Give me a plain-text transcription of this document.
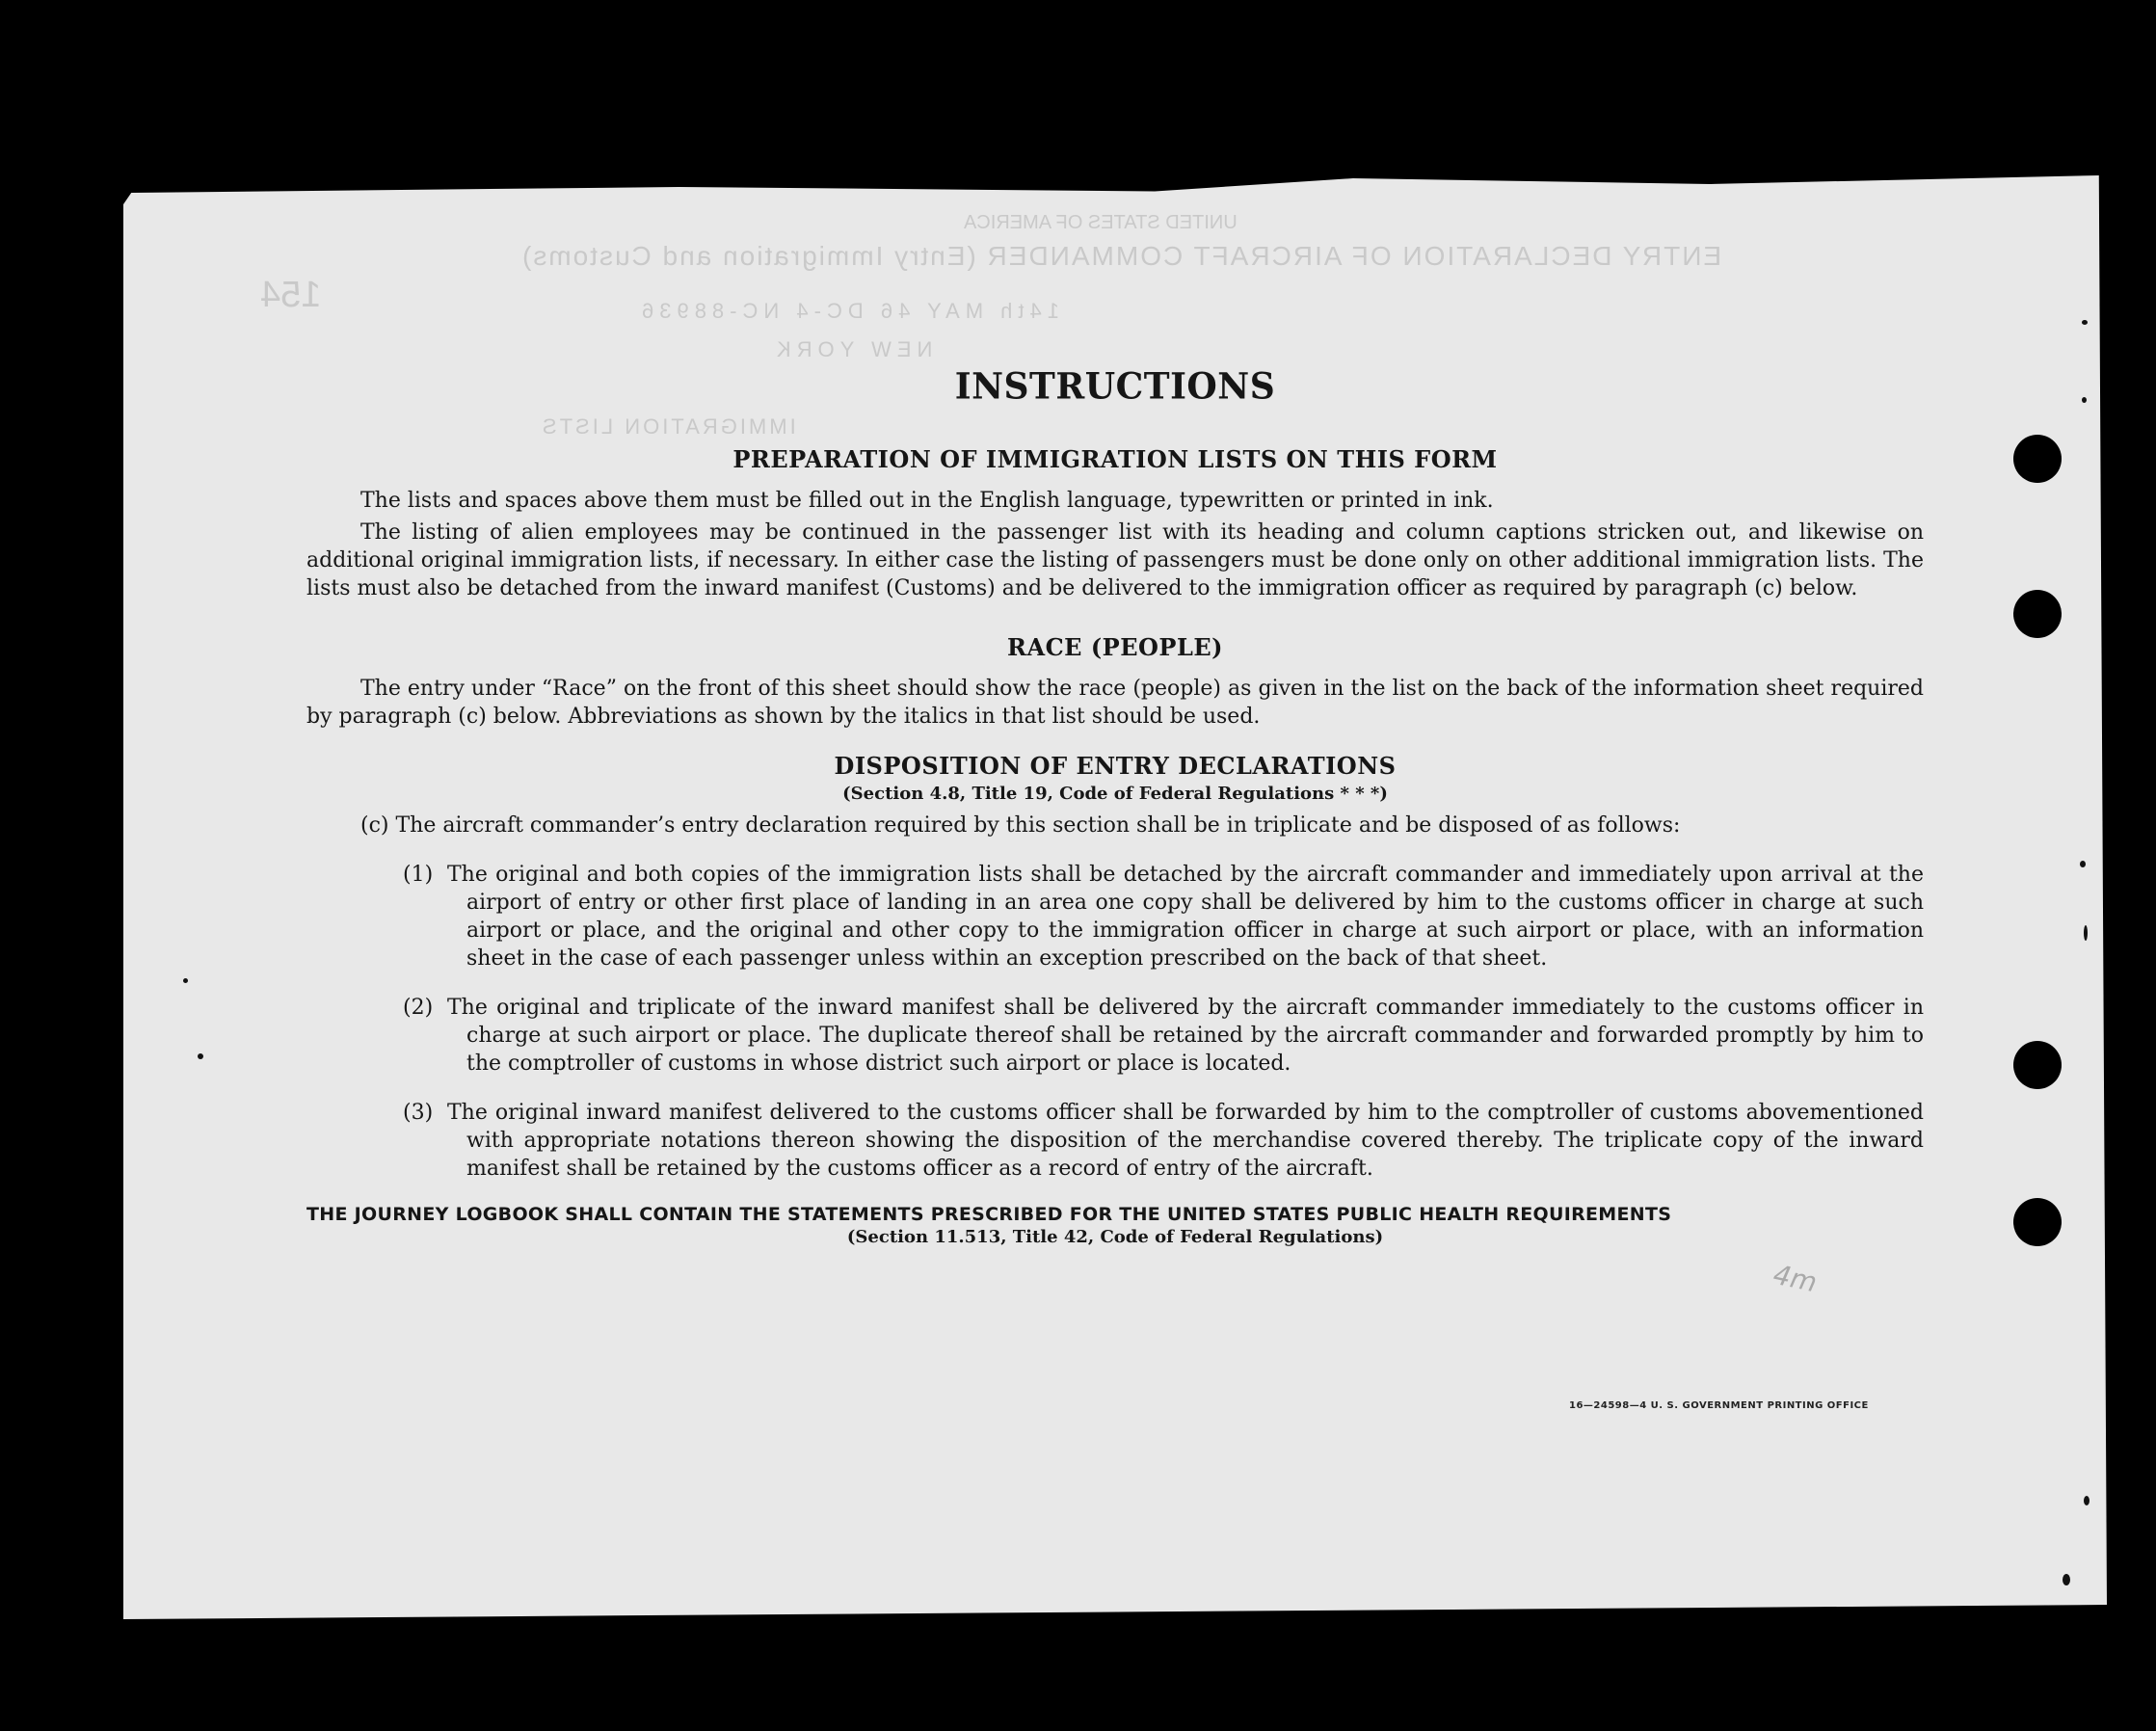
UNITED STATES OF AMERICA
ENTRY DECLARATION OF AIRCRAFT COMMANDER (Entry Immigration and Customs)
154	14th MAY 46 DC-4 NC-88936
NEW YORK
IMMIGRATION LISTS
4m
INSTRUCTIONS
PREPARATION OF IMMIGRATION LISTS ON THIS FORM

The lists and spaces above them must be filled out in the English language, typewritten or printed in ink.

The listing of alien employees may be continued in the passenger list with its heading and column captions stricken out, and likewise on additional original immigration lists, if necessary. In either case the listing of passengers must be done only on other additional immigration lists. The lists must also be detached from the inward manifest (Customs) and be delivered to the immigration officer as required by paragraph (c) below.

RACE (PEOPLE)

The entry under “Race” on the front of this sheet should show the race (people) as given in the list on the back of the information sheet required by paragraph (c) below. Abbreviations as shown by the italics in that list should be used.

DISPOSITION OF ENTRY DECLARATIONS
(Section 4.8, Title 19, Code of Federal Regulations * * *)
(c) The aircraft commander’s entry declaration required by this section shall be in triplicate and be disposed of as follows:
(1) The original and both copies of the immigration lists shall be detached by the aircraft commander and immediately upon arrival at the airport of entry or other first place of landing in an area one copy shall be delivered by him to the customs officer in charge at such airport or place, and the original and other copy to the immigration officer in charge at such airport or place, with an information sheet in the case of each passenger unless within an exception prescribed on the back of that sheet.
(2) The original and triplicate of the inward manifest shall be delivered by the aircraft commander immediately to the customs officer in charge at such airport or place. The duplicate thereof shall be retained by the aircraft commander and forwarded promptly by him to the comptroller of customs in whose district such airport or place is located.
(3) The original inward manifest delivered to the customs officer shall be forwarded by him to the comptroller of customs abovementioned with appropriate notations thereon showing the disposition of the merchandise covered thereby. The triplicate copy of the inward manifest shall be retained by the customs officer as a record of entry of the aircraft.
THE JOURNEY LOGBOOK SHALL CONTAIN THE STATEMENTS PRESCRIBED FOR THE UNITED STATES PUBLIC HEALTH REQUIREMENTS
(Section 11.513, Title 42, Code of Federal Regulations)
16—24598—4 U. S. GOVERNMENT PRINTING OFFICE
